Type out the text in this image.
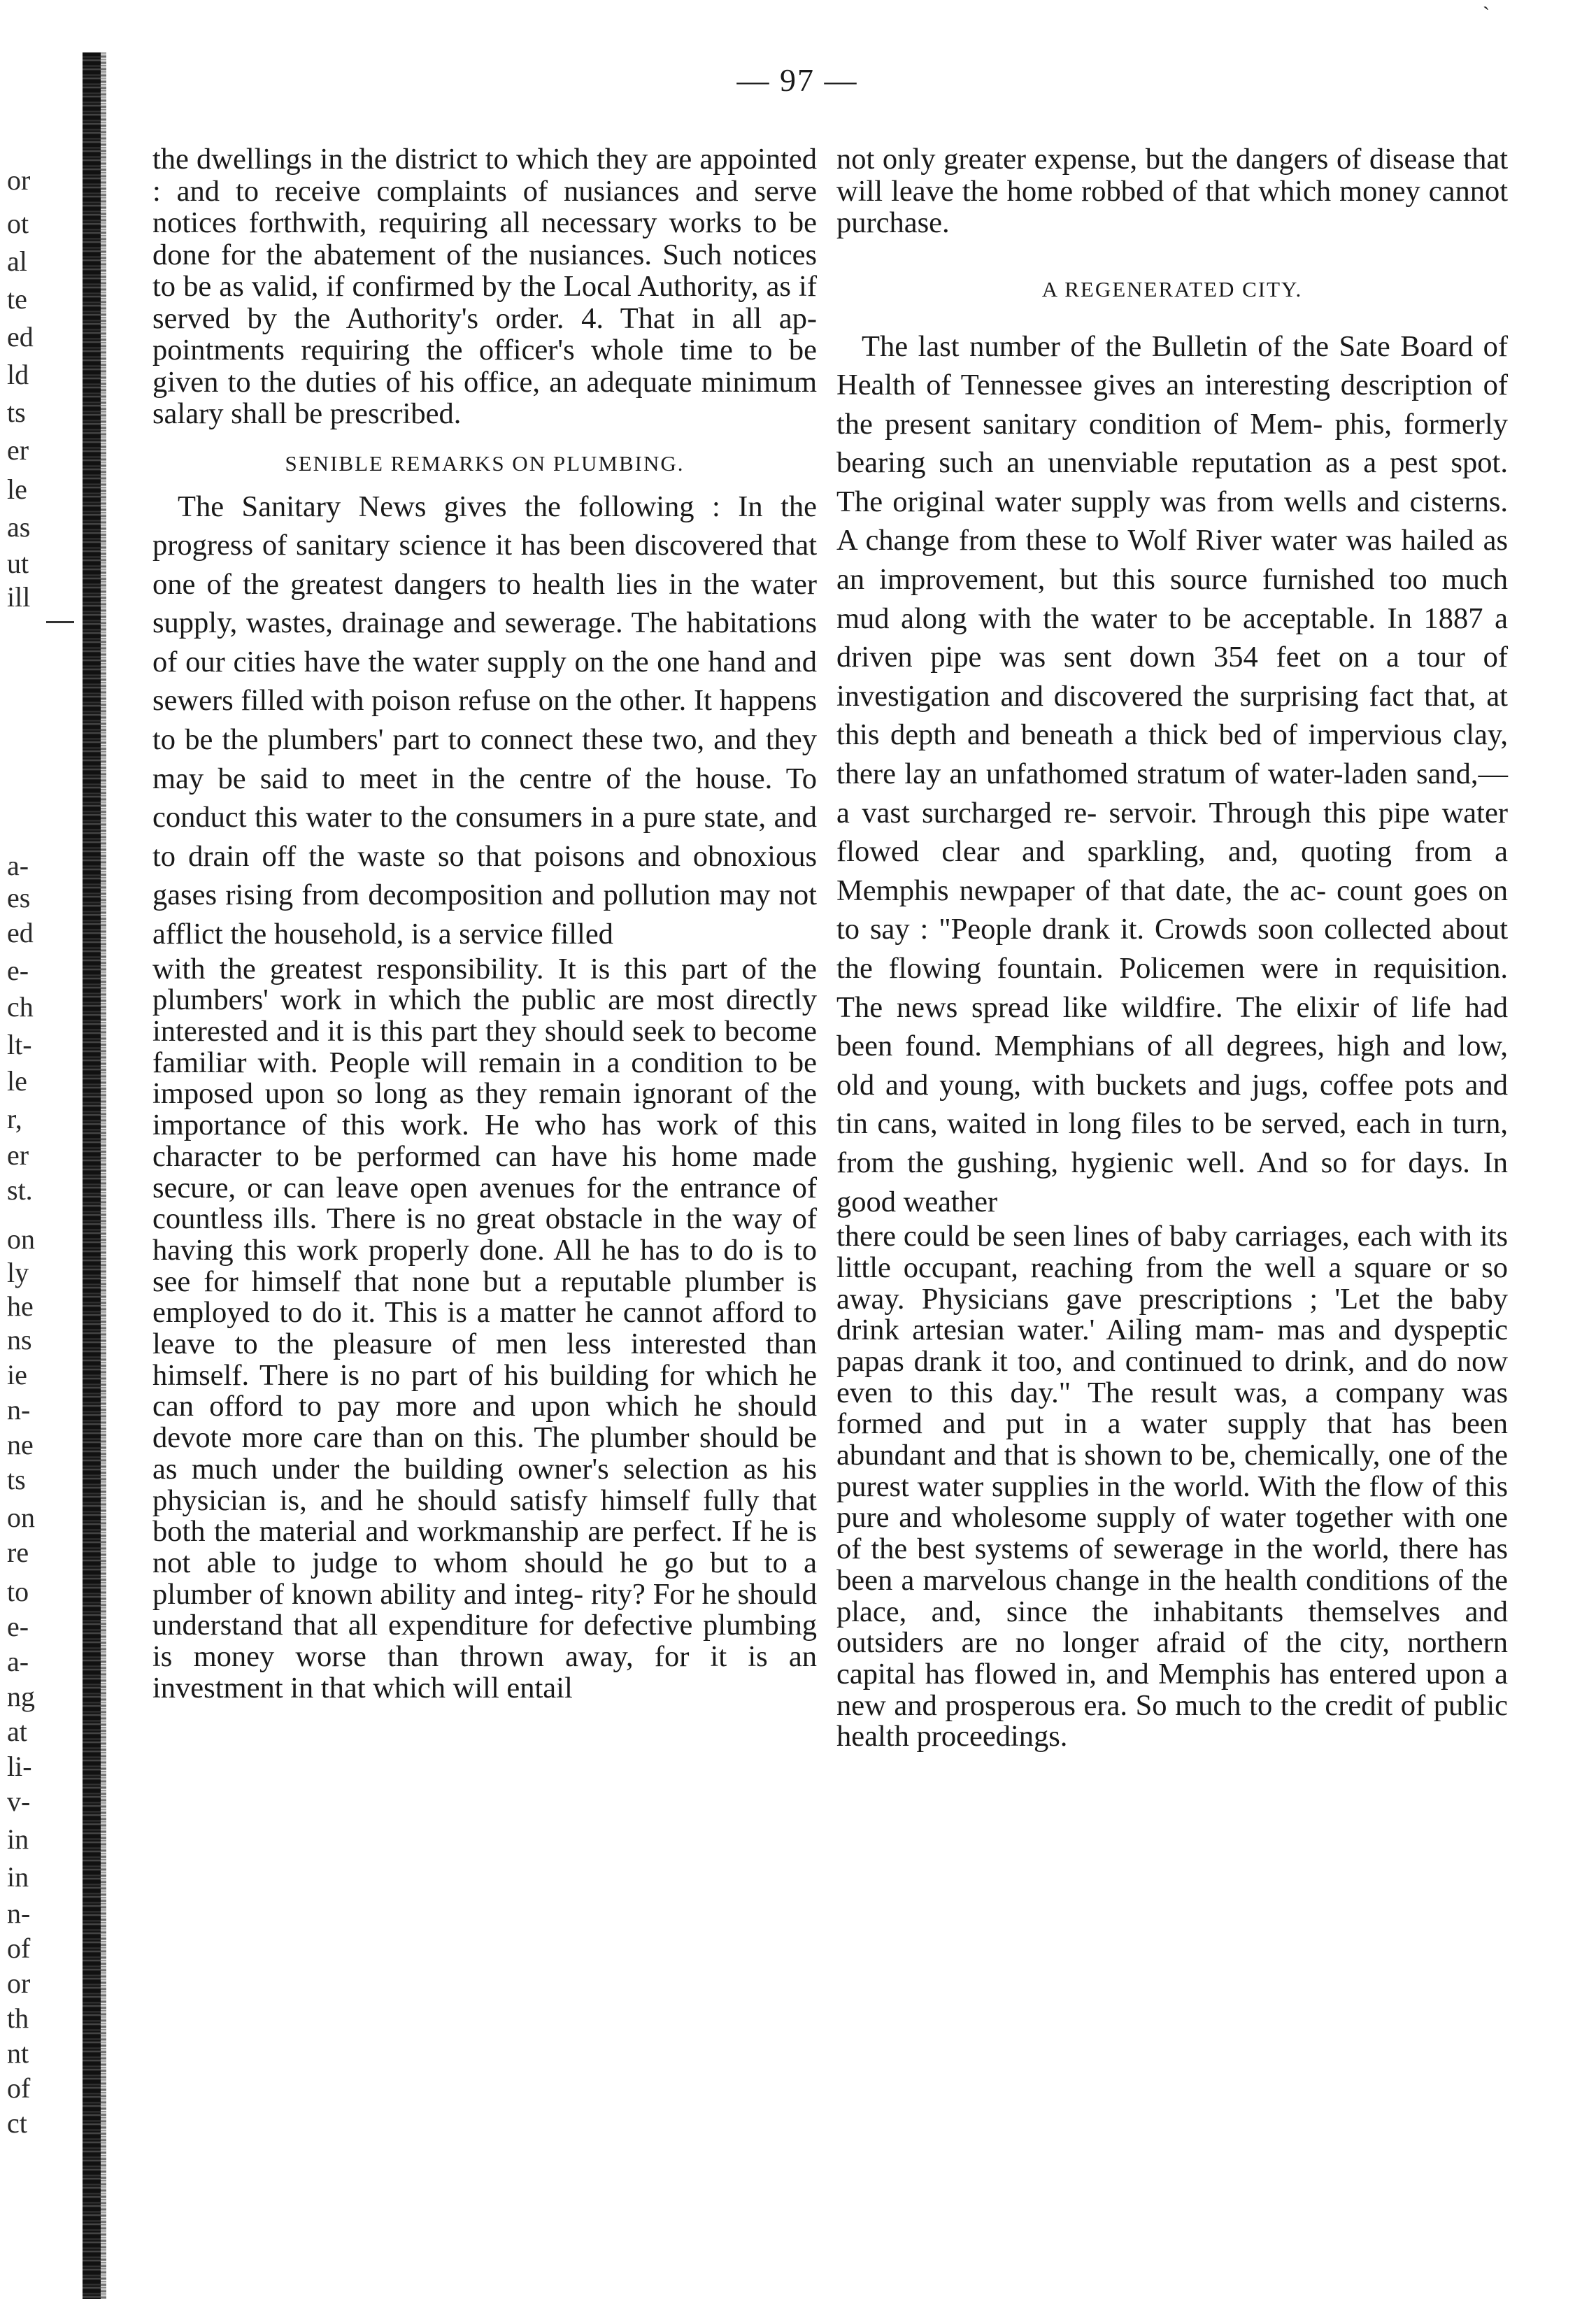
ˋ
— 97 —
or
ot
al
te
ed
ld
ts
er
le
as
ut
ill
a-
es
ed
e-
ch
lt-
le
r,
er
st.
on
ly
he
ns
ie
n-
ne
ts
on
re
to
e-
a-
ng
at
li-
v-
in
in
n-
of
or
th
nt
of
ct

the dwellings in the district to which they are appointed : and to receive complaints of nusiances and serve notices forthwith, requiring all necessary works to be done for the abatement of the nusiances. Such notices to be as valid, if confirmed by the Local Authority, as if served by the Authority's order. 4. That in all ap- pointments requiring the officer's whole time to be given to the duties of his office, an adequate minimum salary shall be prescribed.

SENIBLE REMARKS ON PLUMBING.

The Sanitary News gives the following : In the progress of sanitary science it has been discovered that one of the greatest dangers to health lies in the water supply, wastes, drainage and sewerage. The habitations of our cities have the water supply on the one hand and sewers filled with poison refuse on the other. It happens to be the plumbers' part to connect these two, and they may be said to meet in the centre of the house. To conduct this water to the consumers in a pure state, and to drain off the waste so that poisons and obnoxious gases rising from decomposition and pollution may not afflict the household, is a service filled

with the greatest responsibility. It is this part of the plumbers' work in which the public are most directly interested and it is this part they should seek to become familiar with. People will remain in a condition to be imposed upon so long as they remain ignorant of the importance of this work. He who has work of this character to be performed can have his home made secure, or can leave open avenues for the entrance of countless ills. There is no great obstacle in the way of having this work properly done. All he has to do is to see for himself that none but a reputable plumber is employed to do it. This is a matter he cannot afford to leave to the pleasure of men less interested than himself. There is no part of his building for which he can offord to pay more and upon which he should devote more care than on this. The plumber should be as much under the building owner's selection as his physician is, and he should satisfy himself fully that both the material and workmanship are perfect. If he is not able to judge to whom should he go but to a plumber of known ability and integ- rity? For he should understand that all expenditure for defective plumbing is money worse than thrown away, for it is an investment in that which will entail

not only greater expense, but the dangers of disease that will leave the home robbed of that which money cannot purchase.

A REGENERATED CITY.

The last number of the Bulletin of the Sate Board of Health of Tennessee gives an interesting description of the present sanitary condition of Mem- phis, formerly bearing such an unenviable reputation as a pest spot. The original water supply was from wells and cisterns. A change from these to Wolf River water was hailed as an improvement, but this source furnished too much mud along with the water to be acceptable. In 1887 a driven pipe was sent down 354 feet on a tour of investigation and discovered the surprising fact that, at this depth and beneath a thick bed of impervious clay, there lay an unfathomed stratum of water-laden sand,—a vast surcharged re- servoir. Through this pipe water flowed clear and sparkling, and, quoting from a Memphis newpaper of that date, the ac- count goes on to say : "People drank it. Crowds soon collected about the flowing fountain. Policemen were in requisition. The news spread like wildfire. The elixir of life had been found. Memphians of all degrees, high and low, old and young, with buckets and jugs, coffee pots and tin cans, waited in long files to be served, each in turn, from the gushing, hygienic well. And so for days. In good weather

there could be seen lines of baby carriages, each with its little occupant, reaching from the well a square or so away. Physicians gave prescriptions ; 'Let the baby drink artesian water.' Ailing mam- mas and dyspeptic papas drank it too, and continued to drink, and do now even to this day." The result was, a company was formed and put in a water supply that has been abundant and that is shown to be, chemically, one of the purest water supplies in the world. With the flow of this pure and wholesome supply of water together with one of the best systems of sewerage in the world, there has been a marvelous change in the health conditions of the place, and, since the inhabitants themselves and outsiders are no longer afraid of the city, northern capital has flowed in, and Memphis has entered upon a new and prosperous era. So much to the credit of public health proceedings.
